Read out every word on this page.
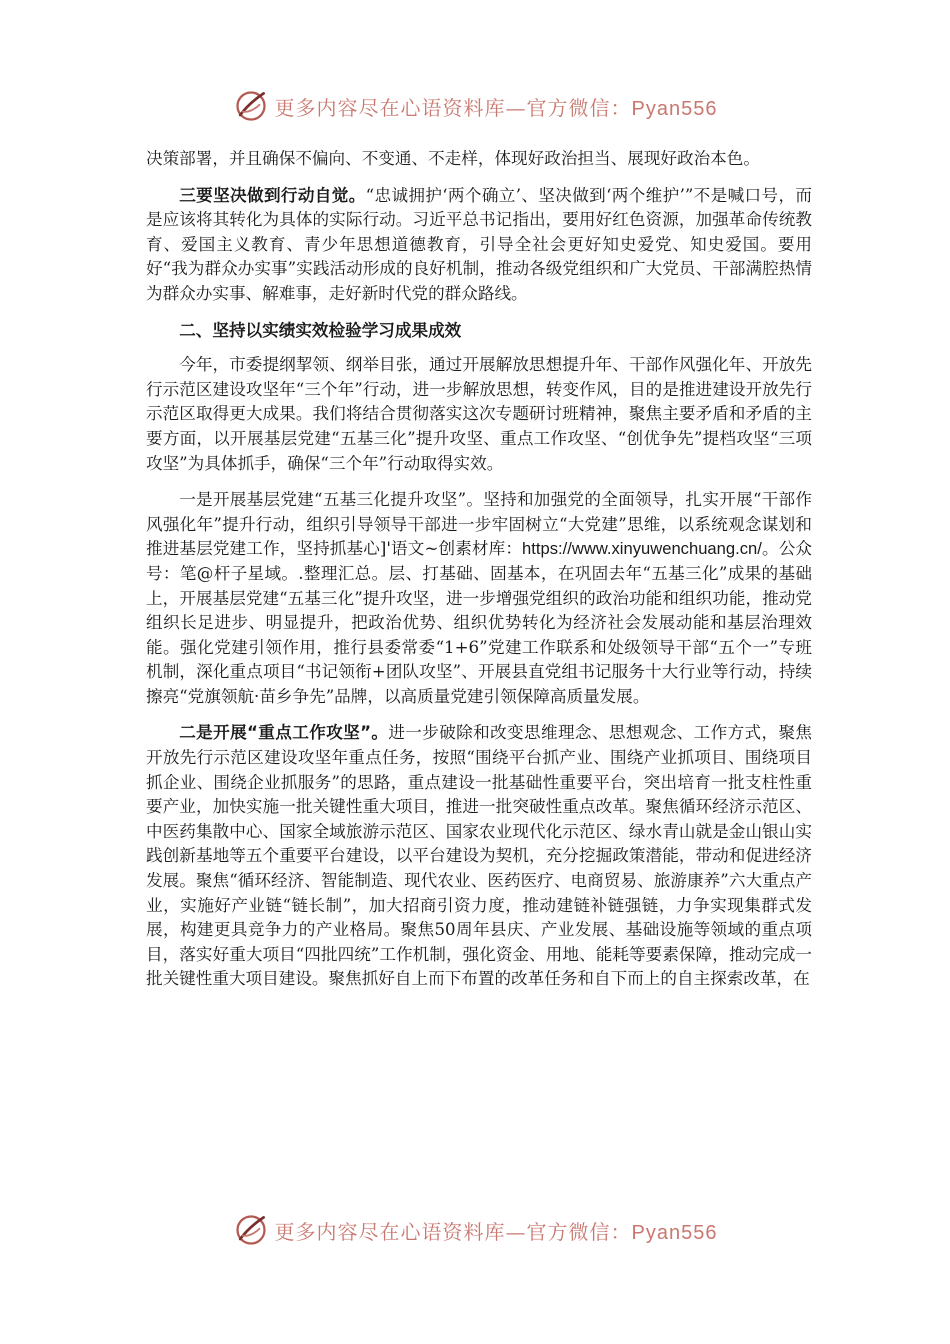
更多内容尽在心语资料库—官方微信：Pyan556

决策部署，并且确保不偏向、不变通、不走样，体现好政治担当、展现好政治本色。

三要坚决做到行动自觉。“忠诚拥护‘两个确立’、坚决做到‘两个维护’”不是喊口号，而是应该将其转化为具体的实际行动。习近平总书记指出，要用好红色资源，加强革命传统教育、爱国主义教育、青少年思想道德教育，引导全社会更好知史爱党、知史爱国。要用好“我为群众办实事”实践活动形成的良好机制，推动各级党组织和广大党员、干部满腔热情为群众办实事、解难事，走好新时代党的群众路线。

二、坚持以实绩实效检验学习成果成效

今年，市委提纲挈领、纲举目张，通过开展解放思想提升年、干部作风强化年、开放先行示范区建设攻坚年“三个年”行动，进一步解放思想，转变作风，目的是推进建设开放先行示范区取得更大成果。我们将结合贯彻落实这次专题研讨班精神，聚焦主要矛盾和矛盾的主要方面，以开展基层党建“五基三化”提升攻坚、重点工作攻坚、“创优争先”提档攻坚“三项攻坚”为具体抓手，确保“三个年”行动取得实效。

一是开展基层党建“五基三化提升攻坚”。坚持和加强党的全面领导，扎实开展“干部作风强化年”提升行动，组织引导领导干部进一步牢固树立“大党建”思维，以系统观念谋划和推进基层党建工作，坚持抓基心]'语文~创素材库：https://www.xinyuwenchuang.cn/。公众号：笔@杆子星域。.整理汇总。层、打基础、固基本，在巩固去年“五基三化”成果的基础上，开展基层党建“五基三化”提升攻坚，进一步增强党组织的政治功能和组织功能，推动党组织长足进步、明显提升，把政治优势、组织优势转化为经济社会发展动能和基层治理效能。强化党建引领作用，推行县委常委“1+6”党建工作联系和处级领导干部“五个一”专班机制，深化重点项目“书记领衔+团队攻坚”、开展县直党组书记服务十大行业等行动，持续擦亮“党旗领航·苗乡争先”品牌，以高质量党建引领保障高质量发展。

二是开展“重点工作攻坚”。进一步破除和改变思维理念、思想观念、工作方式，聚焦开放先行示范区建设攻坚年重点任务，按照“围绕平台抓产业、围绕产业抓项目、围绕项目抓企业、围绕企业抓服务”的思路，重点建设一批基础性重要平台，突出培育一批支柱性重要产业，加快实施一批关键性重大项目，推进一批突破性重点改革。聚焦循环经济示范区、中医药集散中心、国家全域旅游示范区、国家农业现代化示范区、绿水青山就是金山银山实践创新基地等五个重要平台建设，以平台建设为契机，充分挖掘政策潜能，带动和促进经济发展。聚焦“循环经济、智能制造、现代农业、医药医疗、电商贸易、旅游康养”六大重点产业，实施好产业链“链长制”，加大招商引资力度，推动建链补链强链，力争实现集群式发展，构建更具竞争力的产业格局。聚焦50周年县庆、产业发展、基础设施等领域的重点项目，落实好重大项目“四批四统”工作机制，强化资金、用地、能耗等要素保障，推动完成一批关键性重大项目建设。聚焦抓好自上而下布置的改革任务和自下而上的自主探索改革，在

更多内容尽在心语资料库—官方微信：Pyan556
